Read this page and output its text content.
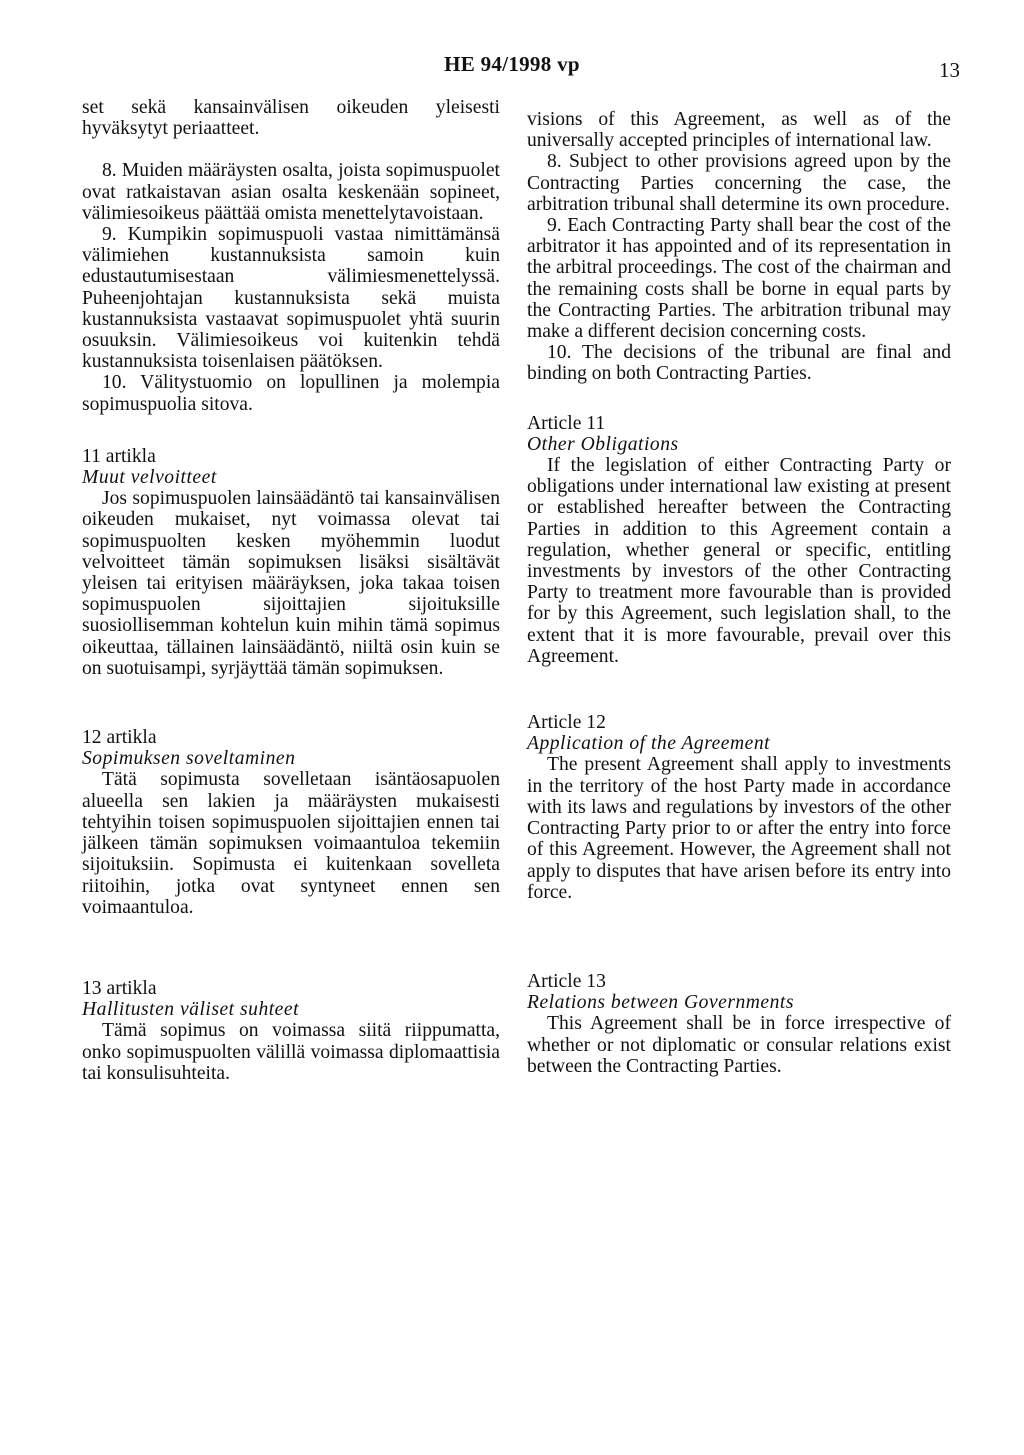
HE 94/1998 vp	13

set sekä kansainvälisen oikeuden yleisesti hyväksytyt periaatteet.

8. Muiden määräysten osalta, joista sopimuspuolet ovat ratkaistavan asian osalta keskenään sopineet, välimiesoikeus päättää omista menettelytavoistaan.

9. Kumpikin sopimuspuoli vastaa nimittämänsä välimiehen kustannuksista samoin kuin edustautumisestaan välimiesmenettelyssä. Puheenjohtajan kustannuksista sekä muista kustannuksista vastaavat sopimuspuolet yhtä suurin osuuksin. Välimiesoikeus voi kuitenkin tehdä kustannuksista toisenlaisen päätöksen.

10. Välitystuomio on lopullinen ja molempia sopimuspuolia sitova.

11 artikla

Muut velvoitteet

Jos sopimuspuolen lainsäädäntö tai kansainvälisen oikeuden mukaiset, nyt voimassa olevat tai sopimuspuolten kesken myöhemmin luodut velvoitteet tämän sopimuksen lisäksi sisältävät yleisen tai erityisen määräyksen, joka takaa toisen sopimuspuolen sijoittajien sijoituksille suosiollisemman kohtelun kuin mihin tämä sopimus oikeuttaa, tällainen lainsäädäntö, niiltä osin kuin se on suotuisampi, syrjäyttää tämän sopimuksen.

12 artikla

Sopimuksen soveltaminen

Tätä sopimusta sovelletaan isäntäosapuolen alueella sen lakien ja määräysten mukaisesti tehtyihin toisen sopimuspuolen sijoittajien ennen tai jälkeen tämän sopimuksen voimaantuloa tekemiin sijoituksiin. Sopimusta ei kuitenkaan sovelleta riitoihin, jotka ovat syntyneet ennen sen voimaantuloa.

13 artikla

Hallitusten väliset suhteet

Tämä sopimus on voimassa siitä riippumatta, onko sopimuspuolten välillä voimassa diplomaattisia tai konsulisuhteita.

visions of this Agreement, as well as of the universally accepted principles of international law.

8. Subject to other provisions agreed upon by the Contracting Parties concerning the case, the arbitration tribunal shall determine its own procedure.

9. Each Contracting Party shall bear the cost of the arbitrator it has appointed and of its representation in the arbitral proceedings. The cost of the chairman and the remaining costs shall be borne in equal parts by the Contracting Parties. The arbitration tribunal may make a different decision concerning costs.

10. The decisions of the tribunal are final and binding on both Contracting Parties.

Article 11

Other Obligations

If the legislation of either Contracting Party or obligations under international law existing at present or established hereafter between the Contracting Parties in addition to this Agreement contain a regulation, whether general or specific, entitling investments by investors of the other Contracting Party to treatment more favourable than is provided for by this Agreement, such legislation shall, to the extent that it is more favourable, prevail over this Agreement.

Article 12

Application of the Agreement

The present Agreement shall apply to investments in the territory of the host Party made in accordance with its laws and regulations by investors of the other Contracting Party prior to or after the entry into force of this Agreement. However, the Agreement shall not apply to disputes that have arisen before its entry into force.

Article 13

Relations between Governments

This Agreement shall be in force irrespective of whether or not diplomatic or consular relations exist between the Contracting Parties.
